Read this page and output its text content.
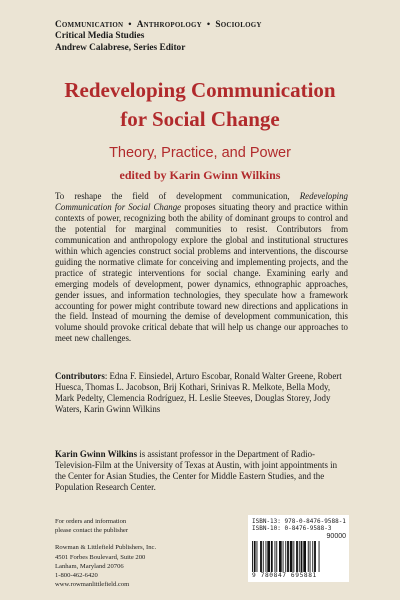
Communication • Anthropology • Sociology
Critical Media Studies
Andrew Calabrese, Series Editor
Redeveloping Communication
for Social Change
Theory, Practice, and Power
edited by Karin Gwinn Wilkins
To reshape the field of development communication, Redeveloping Communication for Social Change proposes situating theory and practice within contexts of power, recognizing both the ability of dominant groups to control and the potential for marginal communities to resist. Contributors from communication and anthropology explore the global and institutional structures within which agencies construct social problems and interventions, the discourse guiding the normative climate for conceiving and implementing projects, and the practice of strategic interventions for social change. Examining early and emerging models of development, power dynamics, ethnographic approaches, gender issues, and information technologies, they speculate how a framework accounting for power might contribute toward new directions and applications in the field. Instead of mourning the demise of development communication, this volume should provoke critical debate that will help us change our approaches to meet new challenges.
Contributors: Edna F. Einsiedel, Arturo Escobar, Ronald Walter Greene, Robert Huesca, Thomas L. Jacobson, Brij Kothari, Srinivas R. Melkote, Bella Mody, Mark Pedelty, Clemencia Rodríguez, H. Leslie Steeves, Douglas Storey, Jody Waters, Karin Gwinn Wilkins
Karin Gwinn Wilkins is assistant professor in the Department of Radio-Television-Film at the University of Texas at Austin, with joint appointments in the Center for Asian Studies, the Center for Middle Eastern Studies, and the Population Research Center.

For orders and information

please contact the publisher

Rowman & Littlefield Publishers, Inc.

4501 Forbes Boulevard, Suite 200

Lanham, Maryland 20706

1-800-462-6420

www.rowmanlittlefield.com

ISBN-13: 978-0-8476-9588-1
ISBN-10: 0-8476-9588-3
90000
9 780847 695881
